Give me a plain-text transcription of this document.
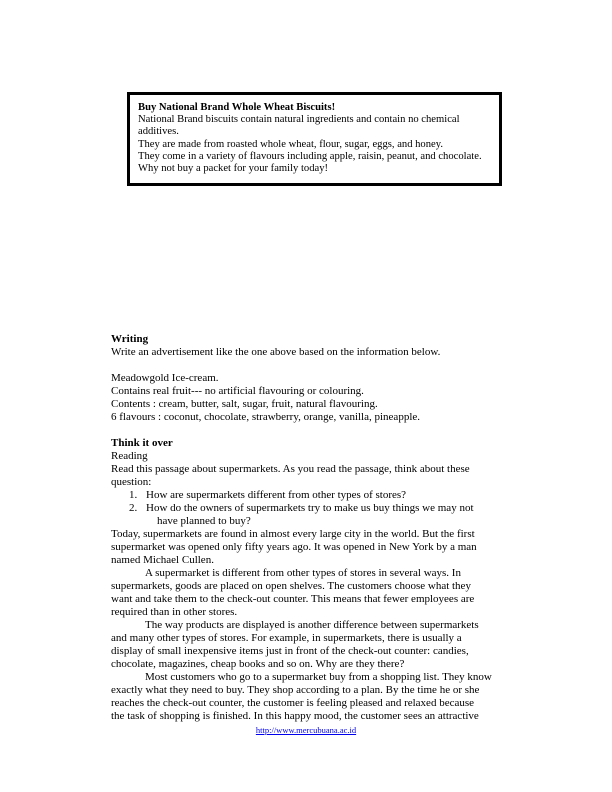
Buy National Brand Whole Wheat Biscuits!
National Brand biscuits contain natural ingredients and contain no chemical
additives.
They are made from roasted whole wheat, flour, sugar, eggs, and honey.
They come in a variety of flavours including apple, raisin, peanut, and chocolate.
Why not buy a packet for your family today!
Writing
Write an advertisement like the one above based on the information below.
Meadowgold Ice-cream.
Contains real fruit--- no artificial flavouring or colouring.
Contents : cream, butter, salt, sugar, fruit, natural flavouring.
6 flavours : coconut, chocolate, strawberry, orange, vanilla, pineapple.
Think it over
Reading
Read this passage about supermarkets. As you read the passage, think about these
question:
1. How are supermarkets different from other types of stores?
2. How do the owners of supermarkets try to make us buy things we may not
have planned to buy?
Today, supermarkets are found in almost every large city in the world. But the first
supermarket was opened only fifty years ago. It was opened in New York by a man
named Michael Cullen.
A supermarket is different from other types of stores in several ways. In
supermarkets, goods are placed on open shelves. The customers choose what they
want and take them to the check-out counter. This means that fewer employees are
required than in other stores.
The way products are displayed is another difference between supermarkets
and many other types of stores. For example, in supermarkets, there is usually a
display of small inexpensive items just in front of the check-out counter: candies,
chocolate, magazines, cheap books and so on. Why are they there?
Most customers who go to a supermarket buy from a shopping list. They know
exactly what they need to buy. They shop according to a plan. By the time he or she
reaches the check-out counter, the customer is feeling pleased and relaxed because
the task of shopping is finished. In this happy mood, the customer sees an attractive
http://www.mercubuana.ac.id
